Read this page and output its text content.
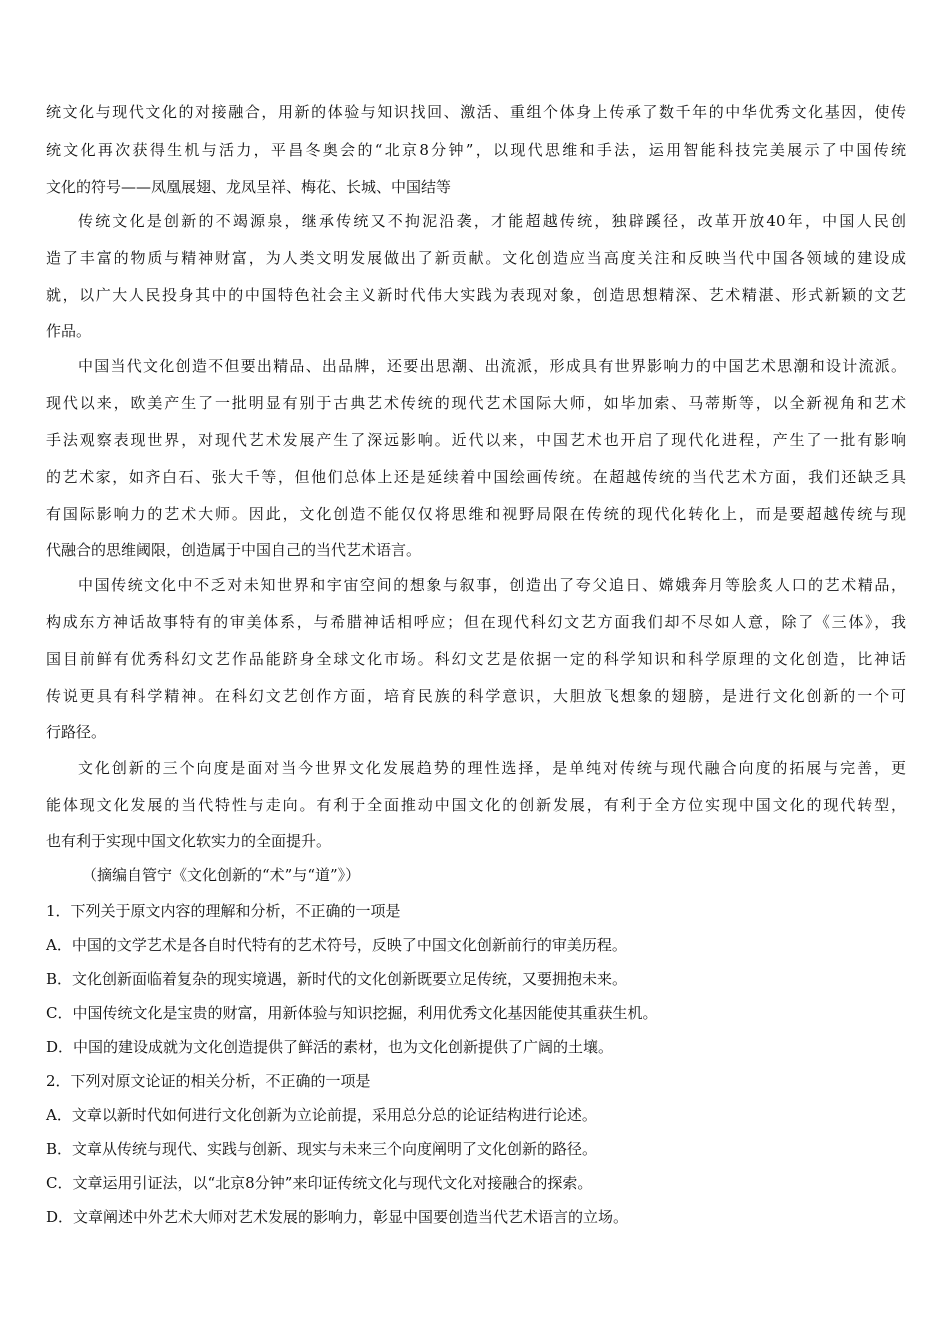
统文化与现代文化的对接融合，用新的体验与知识找回、激活、重组个体身上传承了数千年的中华优秀文化基因，使传
统文化再次获得生机与活力，平昌冬奥会的“北京8分钟”，以现代思维和手法，运用智能科技完美展示了中国传统
文化的符号——凤凰展翅、龙凤呈祥、梅花、长城、中国结等
传统文化是创新的不竭源泉，继承传统又不拘泥沿袭，才能超越传统，独辟蹊径，改革开放40年，中国人民创
造了丰富的物质与精神财富，为人类文明发展做出了新贡献。文化创造应当高度关注和反映当代中国各领域的建设成
就，以广大人民投身其中的中国特色社会主义新时代伟大实践为表现对象，创造思想精深、艺术精湛、形式新颖的文艺
作品。
中国当代文化创造不但要出精品、出品牌，还要出思潮、出流派，形成具有世界影响力的中国艺术思潮和设计流派。
现代以来，欧美产生了一批明显有别于古典艺术传统的现代艺术国际大师，如毕加索、马蒂斯等，以全新视角和艺术
手法观察表现世界，对现代艺术发展产生了深远影响。近代以来，中国艺术也开启了现代化进程，产生了一批有影响
的艺术家，如齐白石、张大千等，但他们总体上还是延续着中国绘画传统。在超越传统的当代艺术方面，我们还缺乏具
有国际影响力的艺术大师。因此，文化创造不能仅仅将思维和视野局限在传统的现代化转化上，而是要超越传统与现
代融合的思维阈限，创造属于中国自己的当代艺术语言。
中国传统文化中不乏对未知世界和宇宙空间的想象与叙事，创造出了夸父追日、嫦娥奔月等脍炙人口的艺术精品，
构成东方神话故事特有的审美体系，与希腊神话相呼应；但在现代科幻文艺方面我们却不尽如人意，除了《三体》，我
国目前鲜有优秀科幻文艺作品能跻身全球文化市场。科幻文艺是依据一定的科学知识和科学原理的文化创造，比神话
传说更具有科学精神。在科幻文艺创作方面，培育民族的科学意识，大胆放飞想象的翅膀，是进行文化创新的一个可
行路径。
文化创新的三个向度是面对当今世界文化发展趋势的理性选择，是单纯对传统与现代融合向度的拓展与完善，更
能体现文化发展的当代特性与走向。有利于全面推动中国文化的创新发展，有利于全方位实现中国文化的现代转型，
也有利于实现中国文化软实力的全面提升。
（摘编自管宁《文化创新的“术”与“道”》）
1．下列关于原文内容的理解和分析，不正确的一项是
A．中国的文学艺术是各自时代特有的艺术符号，反映了中国文化创新前行的审美历程。
B．文化创新面临着复杂的现实境遇，新时代的文化创新既要立足传统，又要拥抱未来。
C．中国传统文化是宝贵的财富，用新体验与知识挖掘，利用优秀文化基因能使其重获生机。
D．中国的建设成就为文化创造提供了鲜活的素材，也为文化创新提供了广阔的土壤。
2．下列对原文论证的相关分析，不正确的一项是
A．文章以新时代如何进行文化创新为立论前提，采用总分总的论证结构进行论述。
B．文章从传统与现代、实践与创新、现实与未来三个向度阐明了文化创新的路径。
C．文章运用引证法，以“北京8分钟”来印证传统文化与现代文化对接融合的探索。
D．文章阐述中外艺术大师对艺术发展的影响力，彰显中国要创造当代艺术语言的立场。
